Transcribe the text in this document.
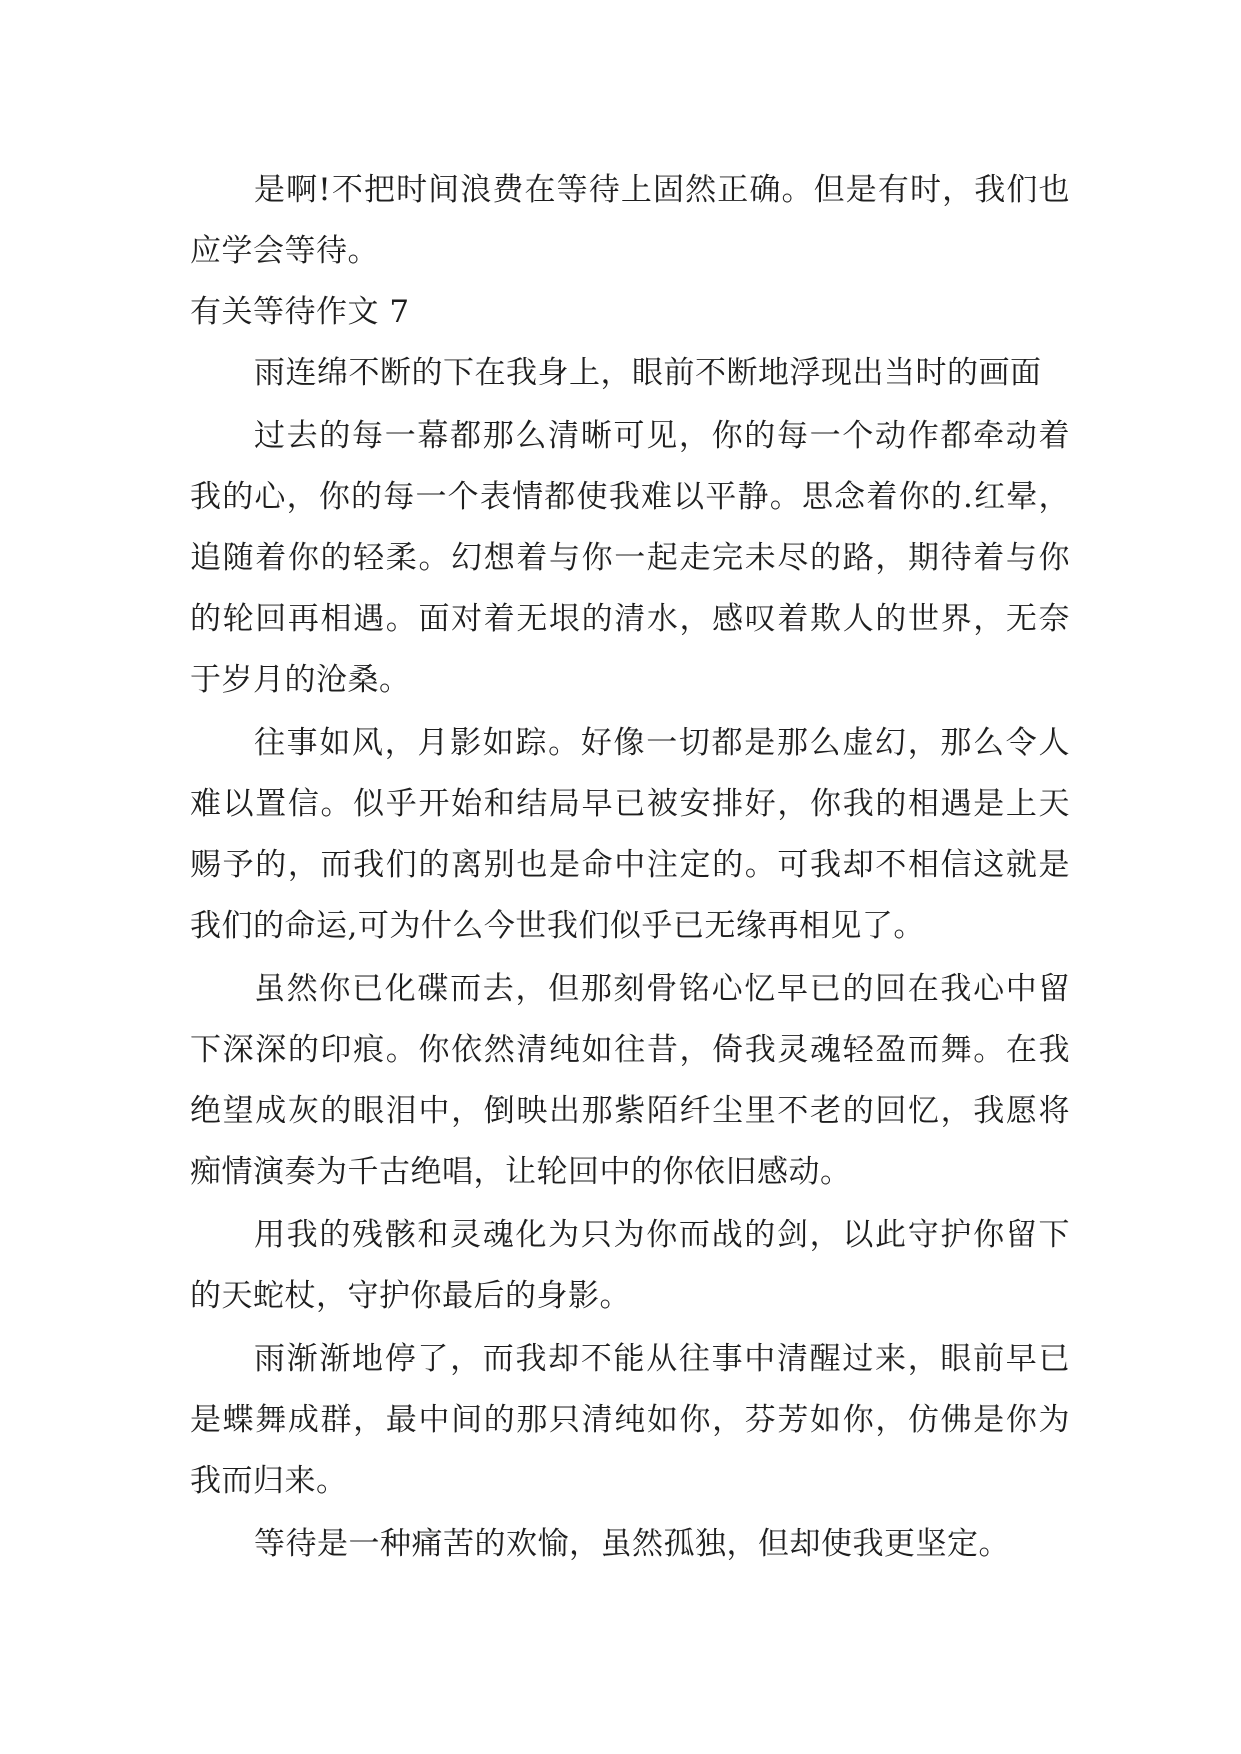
是啊!不把时间浪费在等待上固然正确。但是有时，我们也应学会等待。

有关等待作文 7

雨连绵不断的下在我身上，眼前不断地浮现出当时的画面

过去的每一幕都那么清晰可见，你的每一个动作都牵动着我的心，你的每一个表情都使我难以平静。思念着你的.红晕，追随着你的轻柔。幻想着与你一起走完未尽的路，期待着与你的轮回再相遇。面对着无垠的清水，感叹着欺人的世界，无奈于岁月的沧桑。

往事如风，月影如踪。好像一切都是那么虚幻，那么令人难以置信。似乎开始和结局早已被安排好，你我的相遇是上天赐予的，而我们的离别也是命中注定的。可我却不相信这就是我们的命运,可为什么今世我们似乎已无缘再相见了。

虽然你已化碟而去，但那刻骨铭心忆早已的回在我心中留下深深的印痕。你依然清纯如往昔，倚我灵魂轻盈而舞。在我绝望成灰的眼泪中，倒映出那紫陌纤尘里不老的回忆，我愿将痴情演奏为千古绝唱，让轮回中的你依旧感动。

用我的残骸和灵魂化为只为你而战的剑，以此守护你留下的天蛇杖，守护你最后的身影。

雨渐渐地停了，而我却不能从往事中清醒过来，眼前早已是蝶舞成群，最中间的那只清纯如你，芬芳如你，仿佛是你为我而归来。

等待是一种痛苦的欢愉，虽然孤独，但却使我更坚定。
